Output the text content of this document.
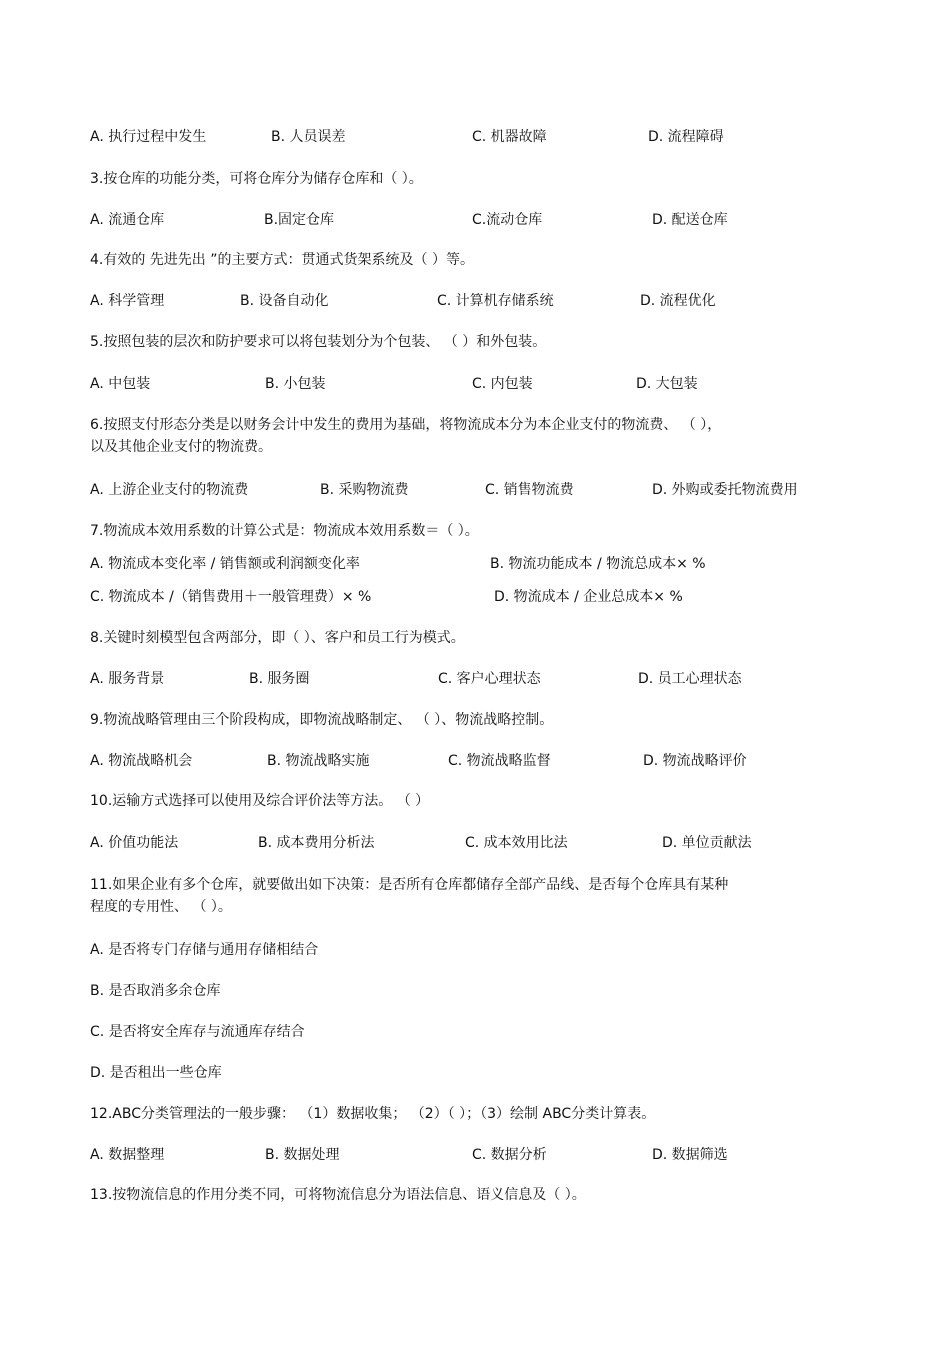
A. 执行过程中发生	B. 人员误差	C. 机器故障	D. 流程障碍
3.按仓库的功能分类，可将仓库分为储存仓库和（ ）。
A. 流通仓库	B.固定仓库	C.流动仓库	D. 配送仓库
4.有效的 先进先出 ”的主要方式：贯通式货架系统及（ ）等。
A. 科学管理	B. 设备自动化	C. 计算机存储系统	D. 流程优化
5.按照包装的层次和防护要求可以将包装划分为个包装、 （ ）和外包装。
A. 中包装	B. 小包装	C. 内包装	D. 大包装
6.按照支付形态分类是以财务会计中发生的费用为基础，将物流成本分为本企业支付的物流费、 （ ），
以及其他企业支付的物流费。
A. 上游企业支付的物流费	B. 采购物流费	C. 销售物流费	D. 外购或委托物流费用
7.物流成本效用系数的计算公式是：物流成本效用系数＝（ ）。
A. 物流成本变化率 / 销售额或利润额变化率	B. 物流功能成本 / 物流总成本× %
C. 物流成本 /（销售费用＋一般管理费）× %	D. 物流成本 / 企业总成本× %
8.关键时刻模型包含两部分，即（ ）、客户和员工行为模式。
A. 服务背景	B. 服务圈	C. 客户心理状态	D. 员工心理状态
9.物流战略管理由三个阶段构成，即物流战略制定、 （ ）、物流战略控制。
A. 物流战略机会	B. 物流战略实施	C. 物流战略监督	D. 物流战略评价
10.运输方式选择可以使用及综合评价法等方法。 （ ）
A. 价值功能法	B. 成本费用分析法	C. 成本效用比法	D. 单位贡献法
11.如果企业有多个仓库，就要做出如下决策：是否所有仓库都储存全部产品线、是否每个仓库具有某种
程度的专用性、 （ ）。
A. 是否将专门存储与通用存储相结合
B. 是否取消多余仓库
C. 是否将安全库存与流通库存结合
D. 是否租出一些仓库
12.ABC分类管理法的一般步骤： （1）数据收集； （2）（ ）；（3）绘制 ABC分类计算表。
A. 数据整理	B. 数据处理	C. 数据分析	D. 数据筛选
13.按物流信息的作用分类不同，可将物流信息分为语法信息、语义信息及（ ）。
